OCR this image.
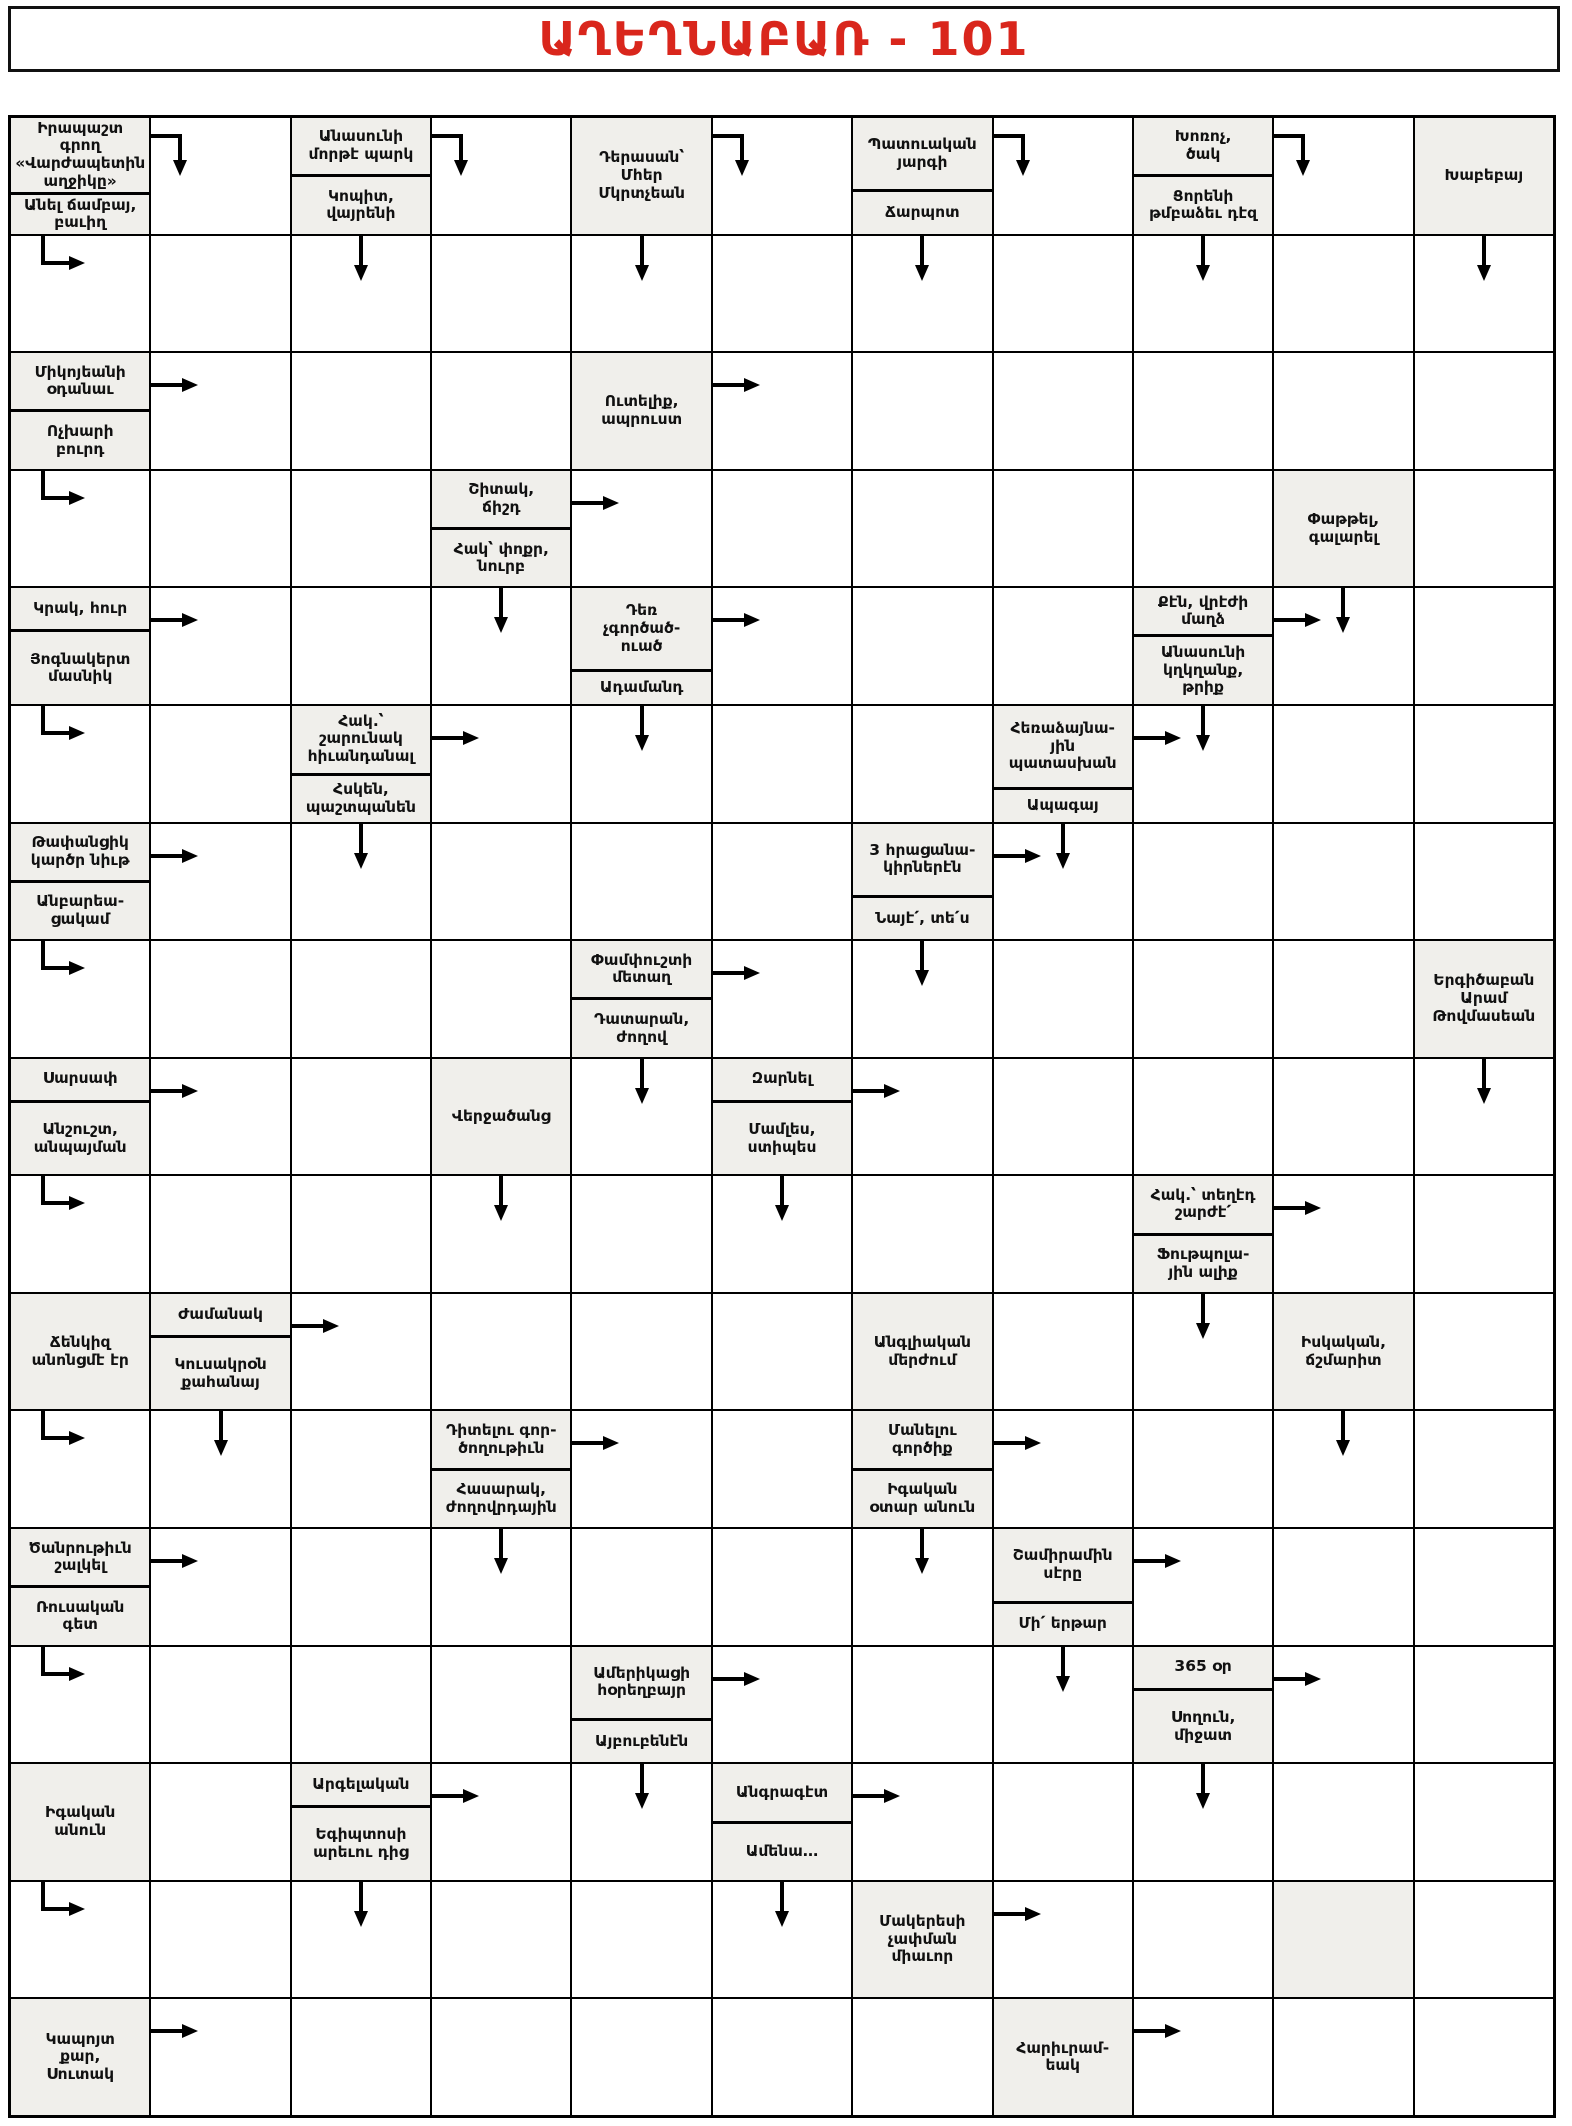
ԱՂԵՂՆԱԲԱՌ - 101
Իրապաշտ
գրող
«Վարժապետին
աղջիկը»
Անել ճամբայ,
բաւիղ
Անասունի
մորթէ պարկ
Կոպիտ,
վայրենի
Դերասան՝
Մհեր
Մկրտչեան
Պատուական
յարգի
Ճարպոտ
Խոռոչ,
ծակ
Ցորենի
թմբաձեւ դէզ
Խաբեբայ
Միկոյեանի
օդանաւ
Ոչխարի
բուրդ
Ուտելիք,
ապրուստ
Շիտակ,
ճիշդ
Հակ՝ փոքր,
նուրբ
Փաթթել,
գալարել
Կրակ, հուր
Յոգնակերտ
մասնիկ
Դեռ
չգործած-
ուած
Ադամանդ
Քէն, վրէժի
մաղձ
Անասունի
կղկղանք,
թրիք
Հակ.՝
շարունակ
հիւանդանալ
Հսկեն,
պաշտպանեն
Հեռաձայնա-
յին
պատասխան
Ապագայ
Թափանցիկ
կարծր նիւթ
Անբարեա-
ցակամ
3 հրացանա-
կիրներէն
Նայէ՛, տե՛ս
Փամփուշտի
մետաղ
Դատարան,
ժողով
Երգիծաբան
Արամ
Թովմասեան
Սարսափ
Անշուշտ,
անպայման
Վերջածանց
Զարնել
Մամլես,
ստիպես
Հակ.՝ տեղէդ
շարժէ՛
Ֆութպոլա-
յին ալիք
Ճենկիզ
անոնցմէ էր
Ժամանակ
Կուսակրօն
քահանայ
Անգլիական
մերժում
Իսկական,
ճշմարիտ
Դիտելու գոր-
ծողութիւն
Հասարակ,
ժողովրդային
Մանելու
գործիք
Իգական
օտար անուն
Ծանրութիւն
շալկել
Ռուսական
գետ
Շամիրամին
սէրը
Մի՛ երթար
Ամերիկացի
հօրեղբայր
Այբուբենէն
365 օր
Սողուն,
միջատ
Իգական
անուն
Արգելական
Եգիպտոսի
արեւու դից
Անգրագէտ
Ամենա…
Մակերեսի
չափման
միաւոր
Կապոյտ
քար,
Սուտակ
Հարիւրամ-
եակ
